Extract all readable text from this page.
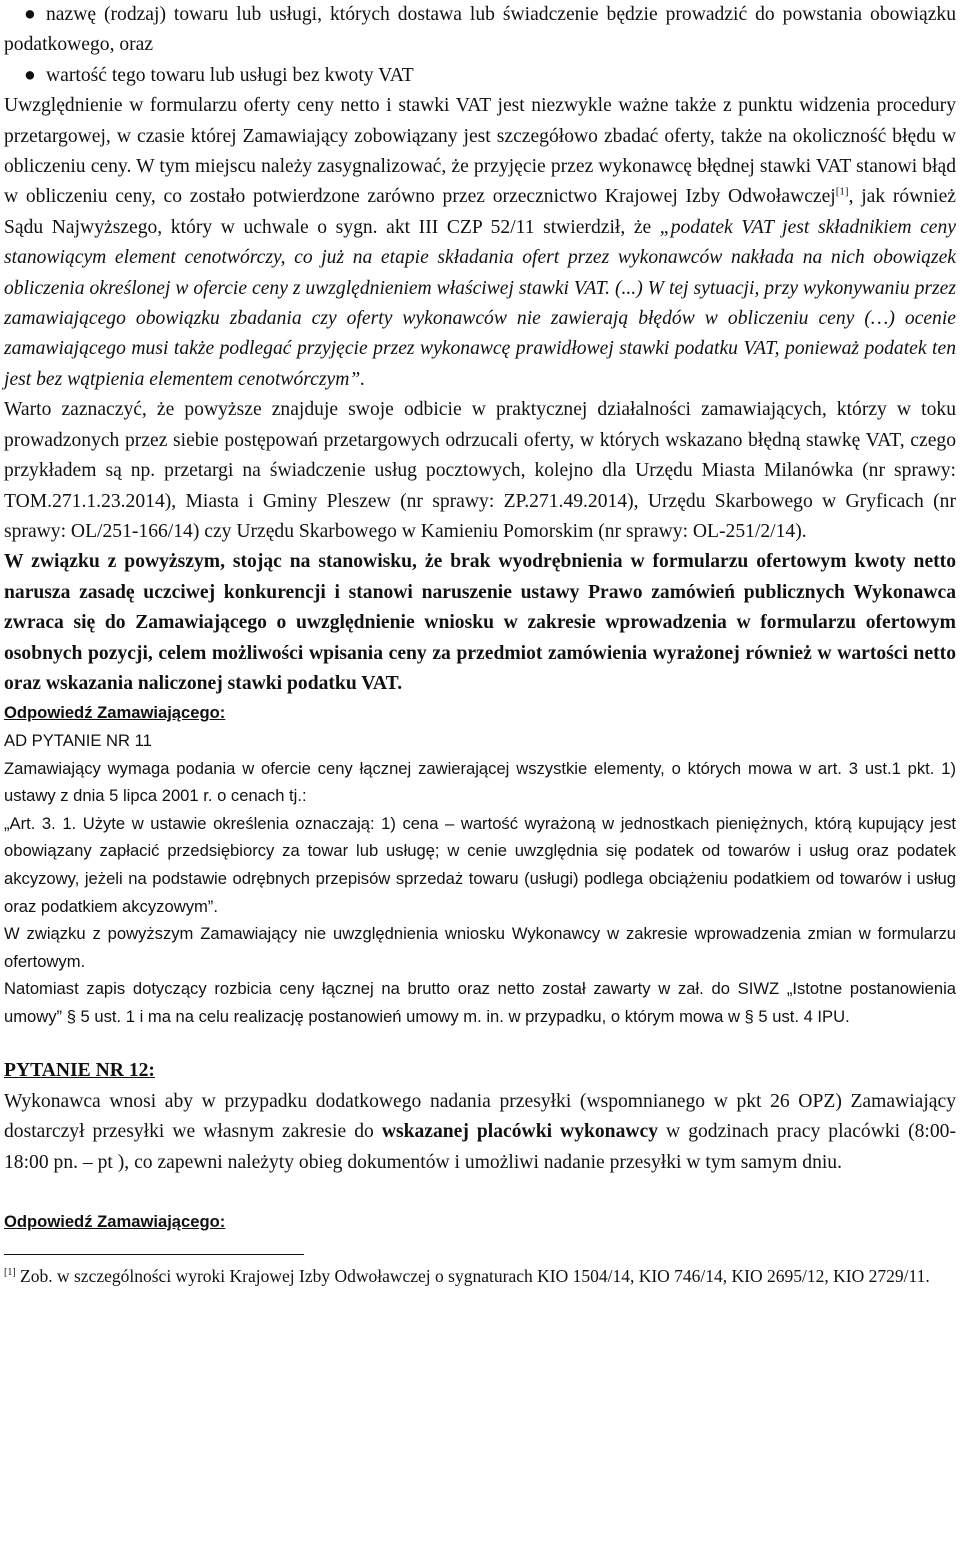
● nazwę (rodzaj) towaru lub usługi, których dostawa lub świadczenie będzie prowadzić do powstania obowiązku podatkowego, oraz

● wartość tego towaru lub usługi bez kwoty VAT

Uwzględnienie w formularzu oferty ceny netto i stawki VAT jest niezwykle ważne także z punktu widzenia procedury przetargowej, w czasie której Zamawiający zobowiązany jest szczegółowo zbadać oferty, także na okoliczność błędu w obliczeniu ceny. W tym miejscu należy zasygnalizować, że przyjęcie przez wykonawcę błędnej stawki VAT stanowi błąd w obliczeniu ceny, co zostało potwierdzone zarówno przez orzecznictwo Krajowej Izby Odwoławczej[1], jak również Sądu Najwyższego, który w uchwale o sygn. akt III CZP 52/11 stwierdził, że „podatek VAT jest składnikiem ceny stanowiącym element cenotwórczy, co już na etapie składania ofert przez wykonawców nakłada na nich obowiązek obliczenia określonej w ofercie ceny z uwzględnieniem właściwej stawki VAT. (...) W tej sytuacji, przy wykonywaniu przez zamawiającego obowiązku zbadania czy oferty wykonawców nie zawierają błędów w obliczeniu ceny (…) ocenie zamawiającego musi także podlegać przyjęcie przez wykonawcę prawidłowej stawki podatku VAT, ponieważ podatek ten jest bez wątpienia elementem cenotwórczym”.

Warto zaznaczyć, że powyższe znajduje swoje odbicie w praktycznej działalności zamawiających, którzy w toku prowadzonych przez siebie postępowań przetargowych odrzucali oferty, w których wskazano błędną stawkę VAT, czego przykładem są np. przetargi na świadczenie usług pocztowych, kolejno dla Urzędu Miasta Milanówka (nr sprawy: TOM.271.1.23.2014), Miasta i Gminy Pleszew (nr sprawy: ZP.271.49.2014), Urzędu Skarbowego w Gryficach (nr sprawy: OL/251-166/14) czy Urzędu Skarbowego w Kamieniu Pomorskim (nr sprawy: OL-251/2/14).

W związku z powyższym, stojąc na stanowisku, że brak wyodrębnienia w formularzu ofertowym kwoty netto narusza zasadę uczciwej konkurencji i stanowi naruszenie ustawy Prawo zamówień publicznych Wykonawca zwraca się do Zamawiającego o uwzględnienie wniosku w zakresie wprowadzenia w formularzu ofertowym osobnych pozycji, celem możliwości wpisania ceny za przedmiot zamówienia wyrażonej również w wartości netto oraz wskazania naliczonej stawki podatku VAT.

Odpowiedź Zamawiającego:

AD PYTANIE NR 11

Zamawiający wymaga podania w ofercie ceny łącznej zawierającej wszystkie elementy, o których mowa w art. 3 ust.1 pkt. 1) ustawy z dnia 5 lipca 2001 r. o cenach tj.:

„Art. 3. 1. Użyte w ustawie określenia oznaczają: 1) cena – wartość wyrażoną w jednostkach pieniężnych, którą kupujący jest obowiązany zapłacić przedsiębiorcy za towar lub usługę; w cenie uwzględnia się podatek od towarów i usług oraz podatek akcyzowy, jeżeli na podstawie odrębnych przepisów sprzedaż towaru (usługi) podlega obciążeniu podatkiem od towarów i usług oraz podatkiem akcyzowym”.

W związku z powyższym Zamawiający nie uwzględnienia wniosku Wykonawcy w zakresie wprowadzenia zmian w formularzu ofertowym.

Natomiast zapis dotyczący rozbicia ceny łącznej na brutto oraz netto został zawarty w zał. do SIWZ „Istotne postanowienia umowy” § 5 ust. 1 i ma na celu realizację postanowień umowy m. in. w przypadku, o którym mowa w § 5 ust. 4 IPU.

PYTANIE NR 12:

Wykonawca wnosi aby w przypadku dodatkowego nadania przesyłki (wspomnianego w pkt 26 OPZ) Zamawiający dostarczył przesyłki we własnym zakresie do wskazanej placówki wykonawcy w godzinach pracy placówki (8:00- 18:00 pn. – pt ), co zapewni należyty obieg dokumentów i umożliwi nadanie przesyłki w tym samym dniu.

Odpowiedź Zamawiającego:

[1] Zob. w szczególności wyroki Krajowej Izby Odwoławczej o sygnaturach KIO 1504/14, KIO 746/14, KIO 2695/12, KIO 2729/11.
